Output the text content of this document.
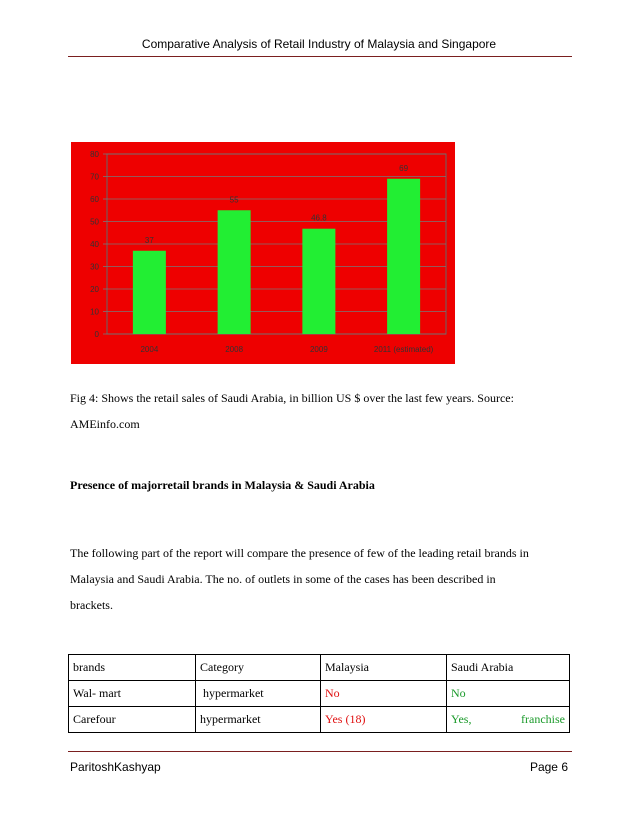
Comparative Analysis of Retail Industry of Malaysia and Singapore
0
10
20
30
40
50
60
70
80
37
2004
55
2008
46.8
2009
69
2011 (estimated)
Fig 4: Shows the retail sales of Saudi Arabia, in billion US $ over the last few years. Source:
AMEinfo.com
Presence of majorretail brands in Malaysia & Saudi Arabia
The following part of the report will compare the presence of few of the leading retail brands in
Malaysia and Saudi Arabia. The no. of outlets in some of the cases has been described in
brackets.
brands	Category	Malaysia	Saudi Arabia
Wal- mart	hypermarket	No	No
Carefour	hypermarket	Yes (18)	Yes, franchise
ParitoshKashyap	Page 6
